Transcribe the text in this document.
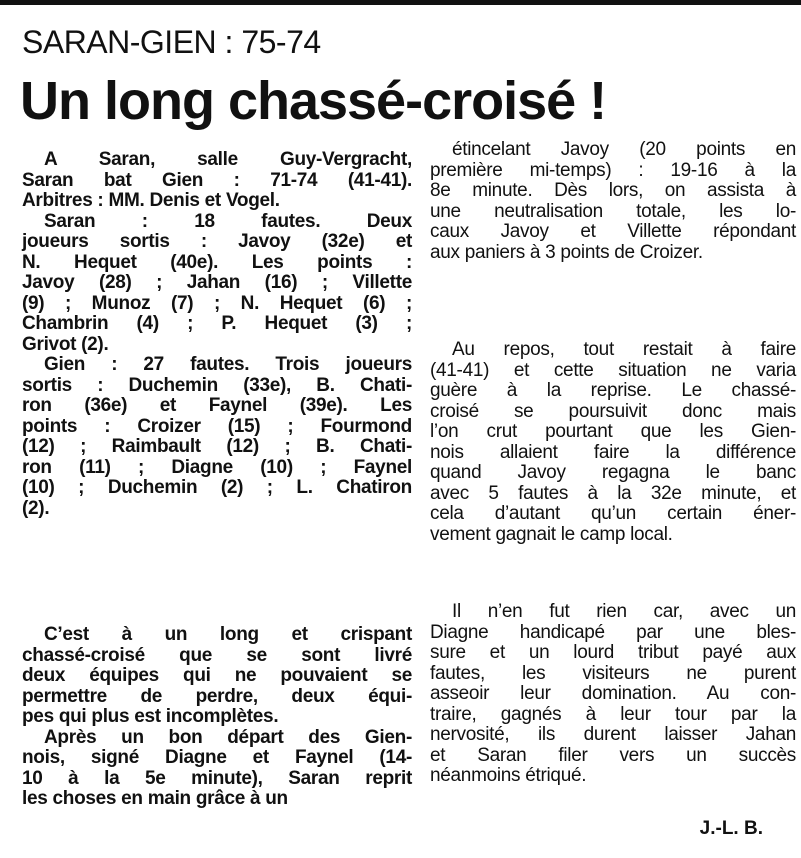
SARAN-GIEN : 75-74
Un long chassé-croisé !
A Saran, salle Guy-Vergracht,
Saran bat Gien : 71-74 (41-41).
Arbitres : MM. Denis et Vogel.
Saran : 18 fautes. Deux
joueurs sortis : Javoy (32e) et
N. Hequet (40e). Les points :
Javoy (28) ; Jahan (16) ; Villette
(9) ; Munoz (7) ; N. Hequet (6) ;
Chambrin (4) ; P. Hequet (3) ;
Grivot (2).
Gien : 27 fautes. Trois joueurs
sortis : Duchemin (33e), B. Chati-
ron (36e) et Faynel (39e). Les
points : Croizer (15) ; Fourmond
(12) ; Raimbault (12) ; B. Chati-
ron (11) ; Diagne (10) ; Faynel
(10) ; Duchemin (2) ; L. Chatiron
(2).
C’est à un long et crispant
chassé-croisé que se sont livré
deux équipes qui ne pouvaient se
permettre de perdre, deux équi-
pes qui plus est incomplètes.
Après un bon départ des Gien-
nois, signé Diagne et Faynel (14-
10 à la 5e minute), Saran reprit
les choses en main grâce à un
étincelant Javoy (20 points en
première mi-temps) : 19-16 à la
8e minute. Dès lors, on assista à
une neutralisation totale, les lo-
caux Javoy et Villette répondant
aux paniers à 3 points de Croizer.
Au repos, tout restait à faire
(41-41) et cette situation ne varia
guère à la reprise. Le chassé-
croisé se poursuivit donc mais
l’on crut pourtant que les Gien-
nois allaient faire la différence
quand Javoy regagna le banc
avec 5 fautes à la 32e minute, et
cela d’autant qu’un certain éner-
vement gagnait le camp local.
Il n’en fut rien car, avec un
Diagne handicapé par une bles-
sure et un lourd tribut payé aux
fautes, les visiteurs ne purent
asseoir leur domination. Au con-
traire, gagnés à leur tour par la
nervosité, ils durent laisser Jahan
et Saran filer vers un succès
néanmoins étriqué.
J.-L. B.
